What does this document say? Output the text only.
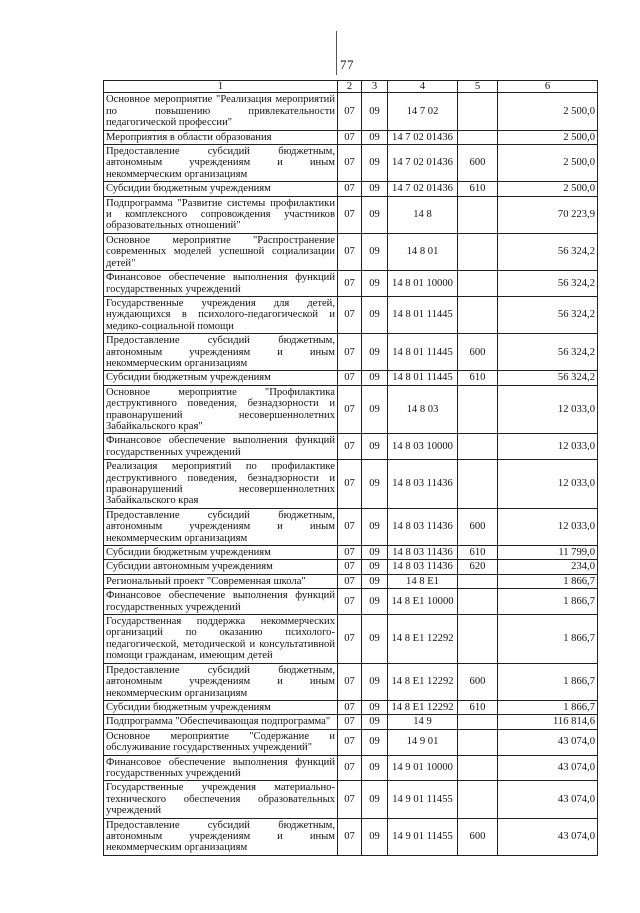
77
1	2	3	4	5	6
Основное мероприятие "Реализация мероприятий по повышению привлекательности педагогической профессии"	07	09	14 7 02		2 500,0
Мероприятия в области образования	07	09	14 7 02 01436		2 500,0
Предоставление субсидий бюджетным, автономным учреждениям и иным некоммерческим организациям	07	09	14 7 02 01436	600	2 500,0
Субсидии бюджетным учреждениям	07	09	14 7 02 01436	610	2 500,0
Подпрограмма "Развитие системы профилактики и комплексного сопровождения участников образовательных отношений"	07	09	14 8		70 223,9
Основное мероприятие "Распространение современных моделей успешной социализации детей"	07	09	14 8 01		56 324,2
Финансовое обеспечение выполнения функций государственных учреждений	07	09	14 8 01 10000		56 324,2
Государственные учреждения для детей, нуждающихся в психолого-педагогической и медико-социальной помощи	07	09	14 8 01 11445		56 324,2
Предоставление субсидий бюджетным, автономным учреждениям и иным некоммерческим организациям	07	09	14 8 01 11445	600	56 324,2
Субсидии бюджетным учреждениям	07	09	14 8 01 11445	610	56 324,2
Основное мероприятие "Профилактика деструктивного поведения, безнадзорности и правонарушений несовершеннолетних Забайкальского края"	07	09	14 8 03		12 033,0
Финансовое обеспечение выполнения функций государственных учреждений	07	09	14 8 03 10000		12 033,0
Реализация мероприятий по профилактике деструктивного поведения, безнадзорности и правонарушений несовершеннолетних Забайкальского края	07	09	14 8 03 11436		12 033,0
Предоставление субсидий бюджетным, автономным учреждениям и иным некоммерческим организациям	07	09	14 8 03 11436	600	12 033,0
Субсидии бюджетным учреждениям	07	09	14 8 03 11436	610	11 799,0
Субсидии автономным учреждениям	07	09	14 8 03 11436	620	234,0
Региональный проект "Современная школа"	07	09	14 8 E1		1 866,7
Финансовое обеспечение выполнения функций государственных учреждений	07	09	14 8 E1 10000		1 866,7
Государственная поддержка некоммерческих организаций по оказанию психолого-педагогической, методической и консультативной помощи гражданам, имеющим детей	07	09	14 8 E1 12292		1 866,7
Предоставление субсидий бюджетным, автономным учреждениям и иным некоммерческим организациям	07	09	14 8 E1 12292	600	1 866,7
Субсидии бюджетным учреждениям	07	09	14 8 E1 12292	610	1 866,7
Подпрограмма "Обеспечивающая подпрограмма"	07	09	14 9		116 814,6
Основное мероприятие "Содержание и обслуживание государственных учреждений"	07	09	14 9 01		43 074,0
Финансовое обеспечение выполнения функций государственных учреждений	07	09	14 9 01 10000		43 074,0
Государственные учреждения материально-технического обеспечения образовательных учреждений	07	09	14 9 01 11455		43 074,0
Предоставление субсидий бюджетным, автономным учреждениям и иным некоммерческим организациям	07	09	14 9 01 11455	600	43 074,0
